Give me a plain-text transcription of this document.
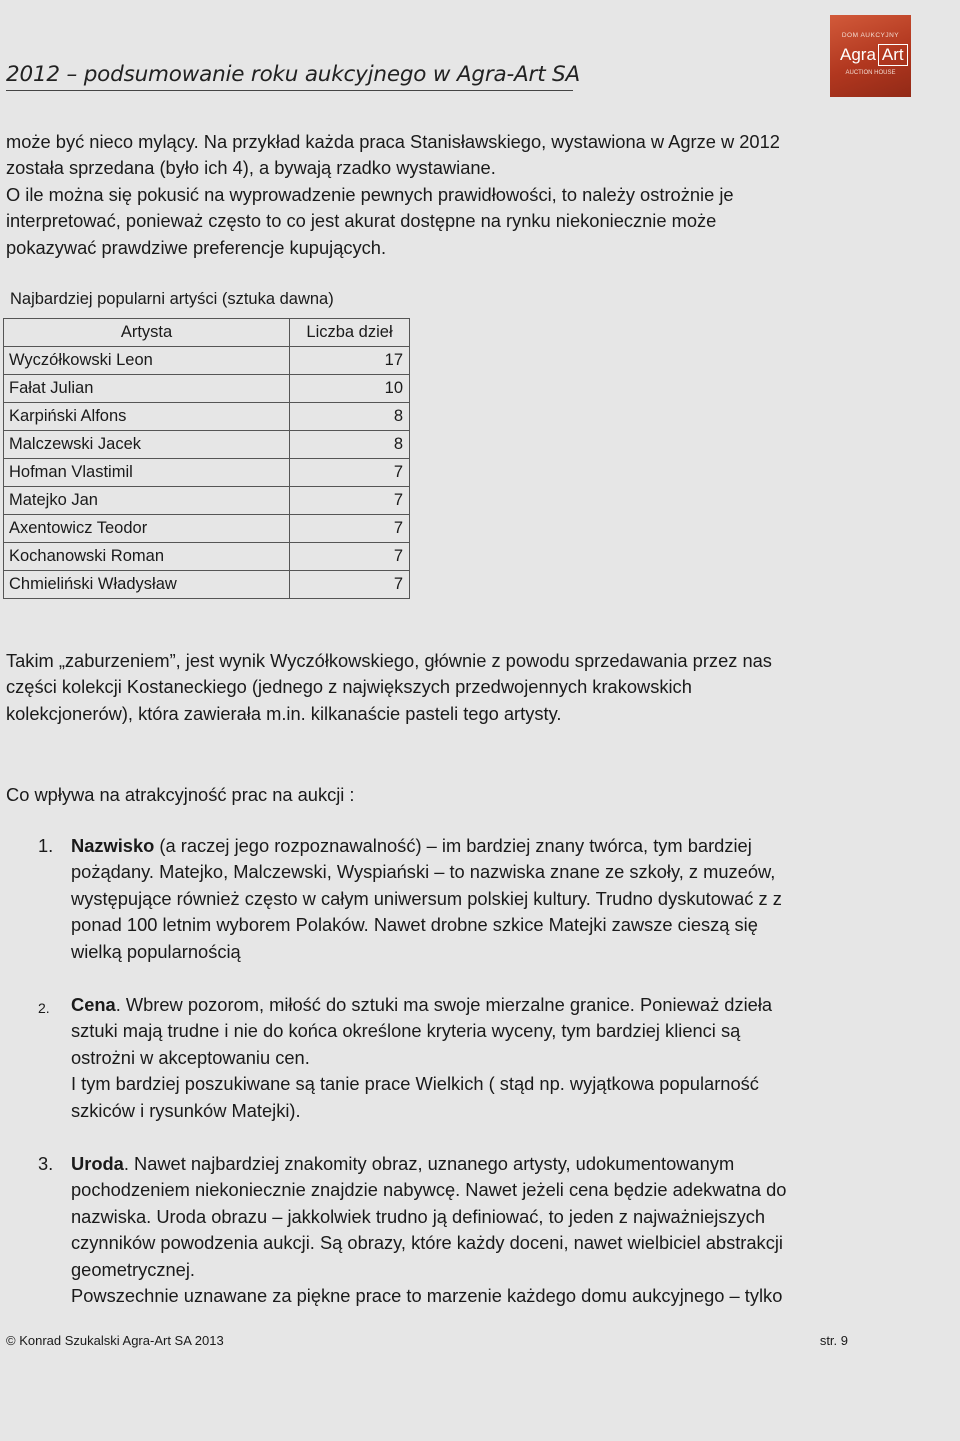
2012 – podsumowanie roku aukcyjnego w Agra-Art SA
DOM AUKCYJNY
Agra Art
AUCTION HOUSE
może być nieco mylący. Na przykład każda praca Stanisławskiego, wystawiona w Agrze w 2012
została sprzedana (było ich 4), a bywają rzadko wystawiane.
O ile można się pokusić na wyprowadzenie pewnych prawidłowości, to należy ostrożnie je
interpretować, ponieważ często to co jest akurat dostępne na rynku niekoniecznie może
pokazywać prawdziwe preferencje kupujących.
Najbardziej popularni artyści (sztuka dawna)
Artysta	Liczba dzieł
Wyczółkowski Leon	17
Fałat Julian	10
Karpiński Alfons	8
Malczewski Jacek	8
Hofman Vlastimil	7
Matejko Jan	7
Axentowicz Teodor	7
Kochanowski Roman	7
Chmieliński Władysław	7
Takim „zaburzeniem”, jest wynik Wyczółkowskiego, głównie z powodu sprzedawania przez nas
części kolekcji Kostaneckiego (jednego z największych przedwojennych krakowskich
kolekcjonerów), która zawierała m.in. kilkanaście pasteli tego artysty.
Co wpływa na atrakcyjność prac na aukcji :
1. Nazwisko (a raczej jego rozpoznawalność) – im bardziej znany twórca, tym bardziej
pożądany. Matejko, Malczewski, Wyspiański – to nazwiska znane ze szkoły, z muzeów,
występujące również często w całym uniwersum polskiej kultury. Trudno dyskutować z z
ponad 100 letnim wyborem Polaków. Nawet drobne szkice Matejki zawsze cieszą się
wielką popularnością
2. Cena. Wbrew pozorom, miłość do sztuki ma swoje mierzalne granice. Ponieważ dzieła
sztuki mają trudne i nie do końca określone kryteria wyceny, tym bardziej klienci są
ostrożni w akceptowaniu cen.
I tym bardziej poszukiwane są tanie prace Wielkich ( stąd np. wyjątkowa popularność
szkiców i rysunków Matejki).
3. Uroda. Nawet najbardziej znakomity obraz, uznanego artysty, udokumentowanym
pochodzeniem niekoniecznie znajdzie nabywcę. Nawet jeżeli cena będzie adekwatna do
nazwiska. Uroda obrazu – jakkolwiek trudno ją definiować, to jeden z najważniejszych
czynników powodzenia aukcji. Są obrazy, które każdy doceni, nawet wielbiciel abstrakcji
geometrycznej.
Powszechnie uznawane za piękne prace to marzenie każdego domu aukcyjnego – tylko
© Konrad Szukalski Agra-Art SA 2013	str. 9
